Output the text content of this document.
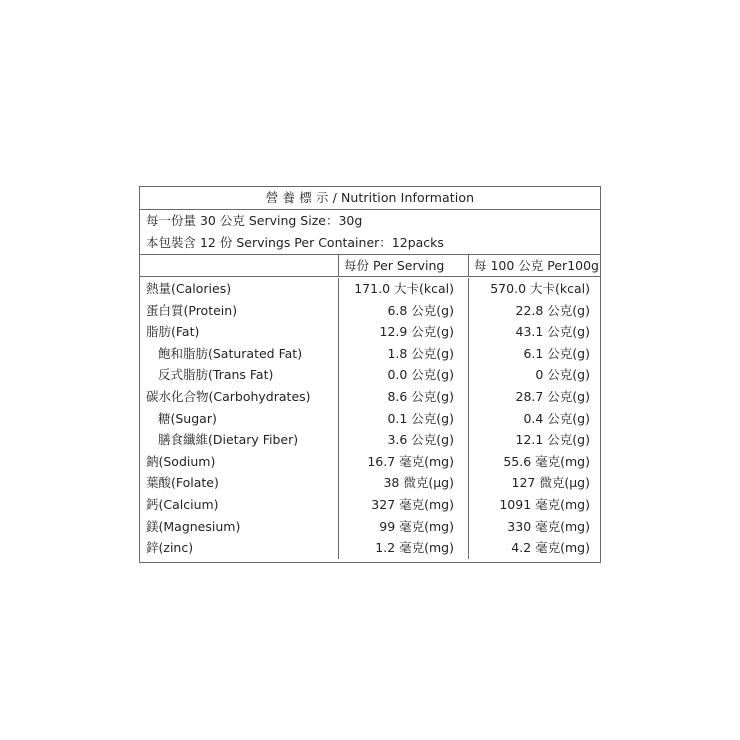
營 養 標 示 / Nutrition Information
每一份量 30 公克 Serving Size：30g
本包裝含 12 份 Servings Per Container：12packs
每份 Per Serving	每 100 公克 Per100g
熱量(Calories)	171.0 大卡(kcal)	570.0 大卡(kcal)
蛋白質(Protein)	6.8 公克(g)	22.8 公克(g)
脂肪(Fat)	12.9 公克(g)	43.1 公克(g)
飽和脂肪(Saturated Fat)	1.8 公克(g)	6.1 公克(g)
反式脂肪(Trans Fat)	0.0 公克(g)	0 公克(g)
碳水化合物(Carbohydrates)	8.6 公克(g)	28.7 公克(g)
糖(Sugar)	0.1 公克(g)	0.4 公克(g)
膳食纖維(Dietary Fiber)	3.6 公克(g)	12.1 公克(g)
鈉(Sodium)	16.7 毫克(mg)	55.6 毫克(mg)
葉酸(Folate)	38 微克(μg)	127 微克(μg)
鈣(Calcium)	327 毫克(mg)	1091 毫克(mg)
鎂(Magnesium)	99 毫克(mg)	330 毫克(mg)
鋅(zinc)	1.2 毫克(mg)	4.2 毫克(mg)
